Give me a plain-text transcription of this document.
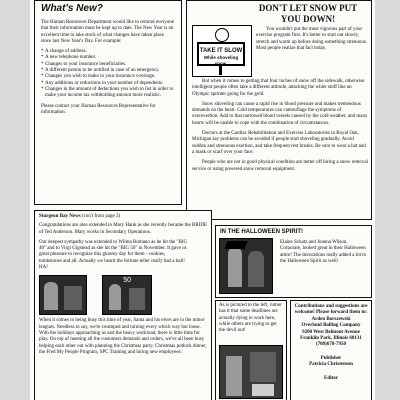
What's New?

The Human Resources Department would like to remind everyone that their information must be kept up to date. The New Year is an excellent time to take stock of what changes have taken place since last New Year's Day. For example:

* A change of address.
* A new telephone number.
* Changes to your insurance beneficiaries.
* A different person to be notified in case of an emergency.
* Changes you wish to make in your insurance coverage.
* Any additions or reductions in your number of dependents.
* Changes in the amount of deductions you wish to list in order to make your income tax withholding amount more realistic.

Please contact your Human Resources Representative for information.

DON'T LET SNOW PUT
YOU DOWN!
TAKE IT SLOW
While shoveling snow.

You wouldn't put the most vigorous part of your exercise program first. It's better to start out slowly, stretch and warm up before doing something strenuous. Most people realize that fact today.

But when it comes to getting that four inches of snow off the sidewalk, otherwise intelligent people often take a different attitude, attacking the white stuff like an Olympic sprinter going for the gold.

Snow shoveling can cause a rapid rise in blood pressure and makes tremendous demands on the heart. Cold temperatures can camouflage the symptoms of overexertion. Add to that narrowed blood vessels caused by the cold weather, and many hearts will be unable to cope with the combination of circumstances.

Doctors at the Cardiac Rehabilitation and Exercise Laboratories in Royal Oak, Michigan say problems can be avoided if people start shoveling gradually. Avoid sudden and strenuous exertion, and take frequent rest breaks. Be sure to wear a hat and a mask or scarf over your face.

People who are not in good physical condition are better off hiring a snow removal service or using powered snow removal equipment.

Sturgeon Bay News (con't from page 2)

Congratulations are also extended to Mary Hank as she recently became the BRIDE of Ted Anderson. Mary works in Secondary Operations.

Our deepest sympathy was extended to Wilma Romano as he hit the "BIG 40" and to Virgi Gigstead as she hit the "BIG 50" in November. It gave us great pleasure to recognize this gloomy day for them - cookies, tombstones and all. Actually we heard the fortune teller really had a ball! HA!

50

When it comes to being busy this time of year, Santa and his elves are in the minor leagues. Needless to say, we're swamped and turning every which way but loose. With the holidays approaching us and the heavy workload, there is little time for play. On top of meeting all the customers demands and orders, we've all been busy helping each other out with planning the Christmas party, Christmas potluck dinner, the Fred My People Program, SPC Training and hiring new employees.

IN THE HALLOWEEN SPIRIT!
Elaine Schatz and Joanna Wilson, Corporate, looked great in their Halloween attire! The decorations really added a lot to the Halloween Spirit as well!
As is pictured to the left, rumor has it that some deadlines are actually dying in work here, while others are trying to get the devil out!
Contributions and suggestions are
welcome! Please forward them to:
Arden Borszewski
Overland Bolling Company
9200 West Belmont Avenue
Franklin Park, Illinois 60131
(708)678-7950
Publisher
Patricia Christensen
Editor
